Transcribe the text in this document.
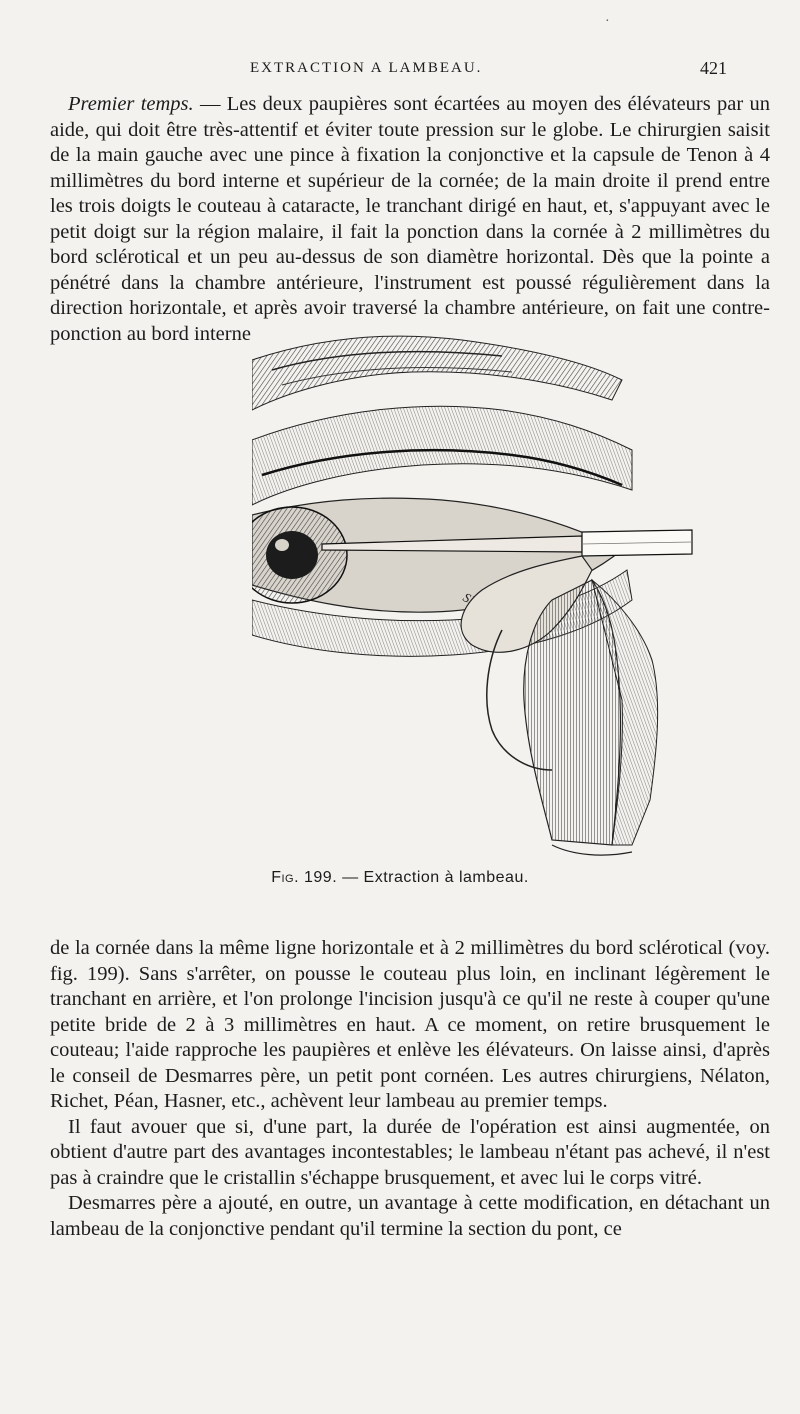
·
EXTRACTION A LAMBEAU.	421

Premier temps. — Les deux paupières sont écartées au moyen des élévateurs par un aide, qui doit être très-attentif et éviter toute pression sur le globe. Le chirurgien saisit de la main gauche avec une pince à fixation la conjonctive et la capsule de Tenon à 4 millimètres du bord interne et supérieur de la cornée; de la main droite il prend entre les trois doigts le couteau à cataracte, le tranchant dirigé en haut, et, s'appuyant avec le petit doigt sur la région malaire, il fait la ponction dans la cornée à 2 millimètres du bord sclérotical et un peu au-dessus de son diamètre horizontal. Dès que la pointe a pénétré dans la chambre antérieure, l'instrument est poussé régulièrement dans la direction horizontale, et après avoir traversé la chambre antérieure, on fait une contre-ponction au bord interne

Fig. 199. — Extraction à lambeau.

de la cornée dans la même ligne horizontale et à 2 millimètres du bord sclérotical (voy. fig. 199). Sans s'arrêter, on pousse le couteau plus loin, en inclinant légèrement le tranchant en arrière, et l'on prolonge l'incision jusqu'à ce qu'il ne reste à couper qu'une petite bride de 2 à 3 millimètres en haut. A ce moment, on retire brusquement le couteau; l'aide rapproche les paupières et enlève les élévateurs. On laisse ainsi, d'après le conseil de Desmarres père, un petit pont cornéen. Les autres chirurgiens, Nélaton, Richet, Péan, Hasner, etc., achèvent leur lambeau au premier temps.

Il faut avouer que si, d'une part, la durée de l'opération est ainsi augmentée, on obtient d'autre part des avantages incontestables; le lambeau n'étant pas achevé, il n'est pas à craindre que le cristallin s'échappe brusquement, et avec lui le corps vitré.

Desmarres père a ajouté, en outre, un avantage à cette modification, en détachant un lambeau de la conjonctive pendant qu'il termine la section du pont, ce
